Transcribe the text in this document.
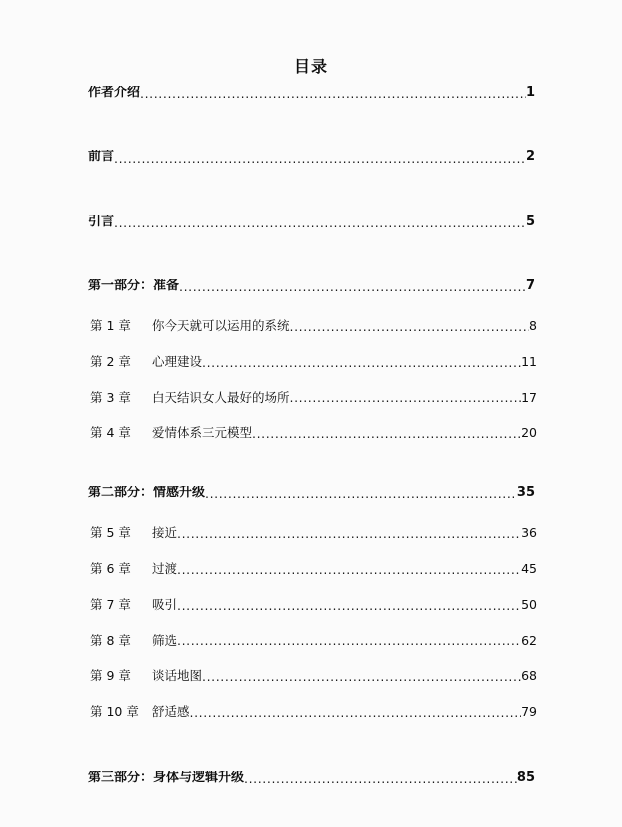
目录
作者介绍 .....	1
前言 .....	2
引言 .....	5
第一部分：准备 .....	7
第 1 章 你今天就可以运用的系统 .....	8
第 2 章 心理建设 .....	11
第 3 章 白天结识女人最好的场所 .....	17
第 4 章 爱情体系三元模型 .....	20
第二部分：情感升级 .....	35
第 5 章 接近 .....	36
第 6 章 过渡 .....	45
第 7 章 吸引 .....	50
第 8 章 筛选 .....	62
第 9 章 谈话地图 .....	68
第 10 章 舒适感 .....	79
第三部分：身体与逻辑升级 .....	85
